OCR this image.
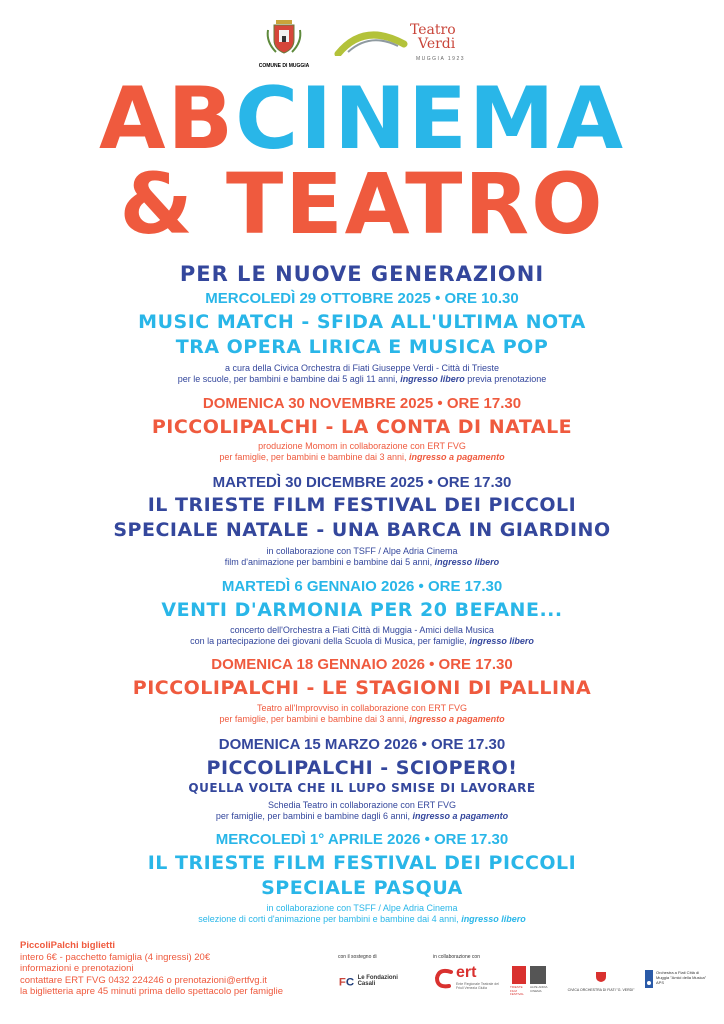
COMUNE DI MUGGIA
Teatro
Verdi
MUGGIA 1923
ABCINEMA
& TEATRO
PER LE NUOVE GENERAZIONI
MERCOLEDÌ 29 OTTOBRE 2025 • ORE 10.30
MUSIC MATCH - SFIDA ALL'ULTIMA NOTA
TRA OPERA LIRICA E MUSICA POP
a cura della Civica Orchestra di Fiati Giuseppe Verdi - Città di Trieste
per le scuole, per bambini e bambine dai 5 agli 11 anni, ingresso libero previa prenotazione
DOMENICA 30 NOVEMBRE 2025 • ORE 17.30
PICCOLIPALCHI - LA CONTA DI NATALE
produzione Momom in collaborazione con ERT FVG
per famiglie, per bambini e bambine dai 3 anni, ingresso a pagamento
MARTEDÌ 30 DICEMBRE 2025 • ORE 17.30
IL TRIESTE FILM FESTIVAL DEI PICCOLI
SPECIALE NATALE - UNA BARCA IN GIARDINO
in collaborazione con TSFF / Alpe Adria Cinema
film d'animazione per bambini e bambine dai 5 anni, ingresso libero
MARTEDÌ 6 GENNAIO 2026 • ORE 17.30
VENTI D'ARMONIA PER 20 BEFANE...
concerto dell'Orchestra a Fiati Città di Muggia - Amici della Musica
con la partecipazione dei giovani della Scuola di Musica, per famiglie, ingresso libero
DOMENICA 18 GENNAIO 2026 • ORE 17.30
PICCOLIPALCHI - LE STAGIONI DI PALLINA
Teatro all'Improvviso in collaborazione con ERT FVG
per famiglie, per bambini e bambine dai 3 anni, ingresso a pagamento
DOMENICA 15 MARZO 2026 • ORE 17.30
PICCOLIPALCHI - SCIOPERO!
QUELLA VOLTA CHE IL LUPO SMISE DI LAVORARE
Schedia Teatro in collaborazione con ERT FVG
per famiglie, per bambini e bambine dagli 6 anni, ingresso a pagamento
MERCOLEDÌ 1° APRILE 2026 • ORE 17.30
IL TRIESTE FILM FESTIVAL DEI PICCOLI
SPECIALE PASQUA
in collaborazione con TSFF / Alpe Adria Cinema
selezione di corti d'animazione per bambini e bambine dai 4 anni, ingresso libero
PiccoliPalchi biglietti
intero 6€ - pacchetto famiglia (4 ingressi) 20€
informazioni e prenotazioni
contattare ERT FVG 0432 224246 o prenotazioni@ertfvg.it
la biglietteria apre 45 minuti prima dello spettacolo per famiglie
con il sostegno di
F C Le Fondazioni Casali
in collaborazione con
ert
Ente Regionale Teatrale del Friuli Venezia Giulia	TRIESTE FILM FESTIVAL
ALPE ADRIA CINEMA	CIVICA ORCHESTRA DI FIATI "G. VERDI"
Orchestra a Fiati Città di Muggia "Amici della Musica" APS
